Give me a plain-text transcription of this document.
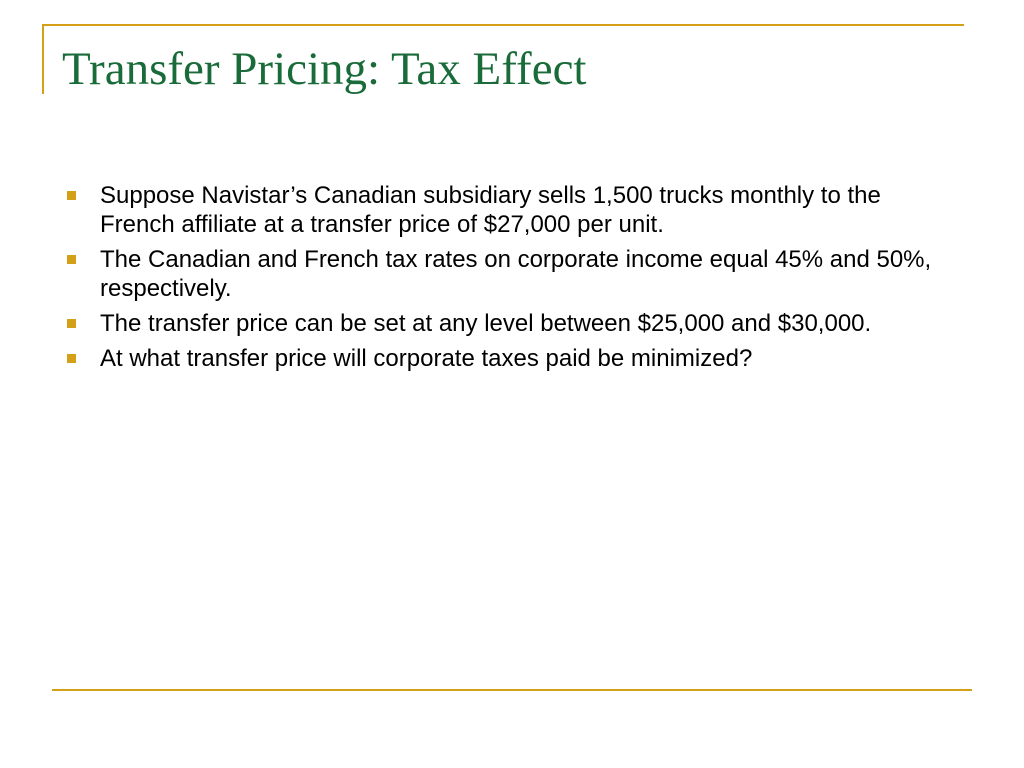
Transfer Pricing: Tax Effect
Suppose Navistar’s Canadian subsidiary sells 1,500 trucks monthly to the French affiliate at a transfer price of $27,000 per unit.
The Canadian and French tax rates on corporate income equal 45% and 50%, respectively.
The transfer price can be set at any level between $25,000 and $30,000.
At what transfer price will corporate taxes paid be minimized?
